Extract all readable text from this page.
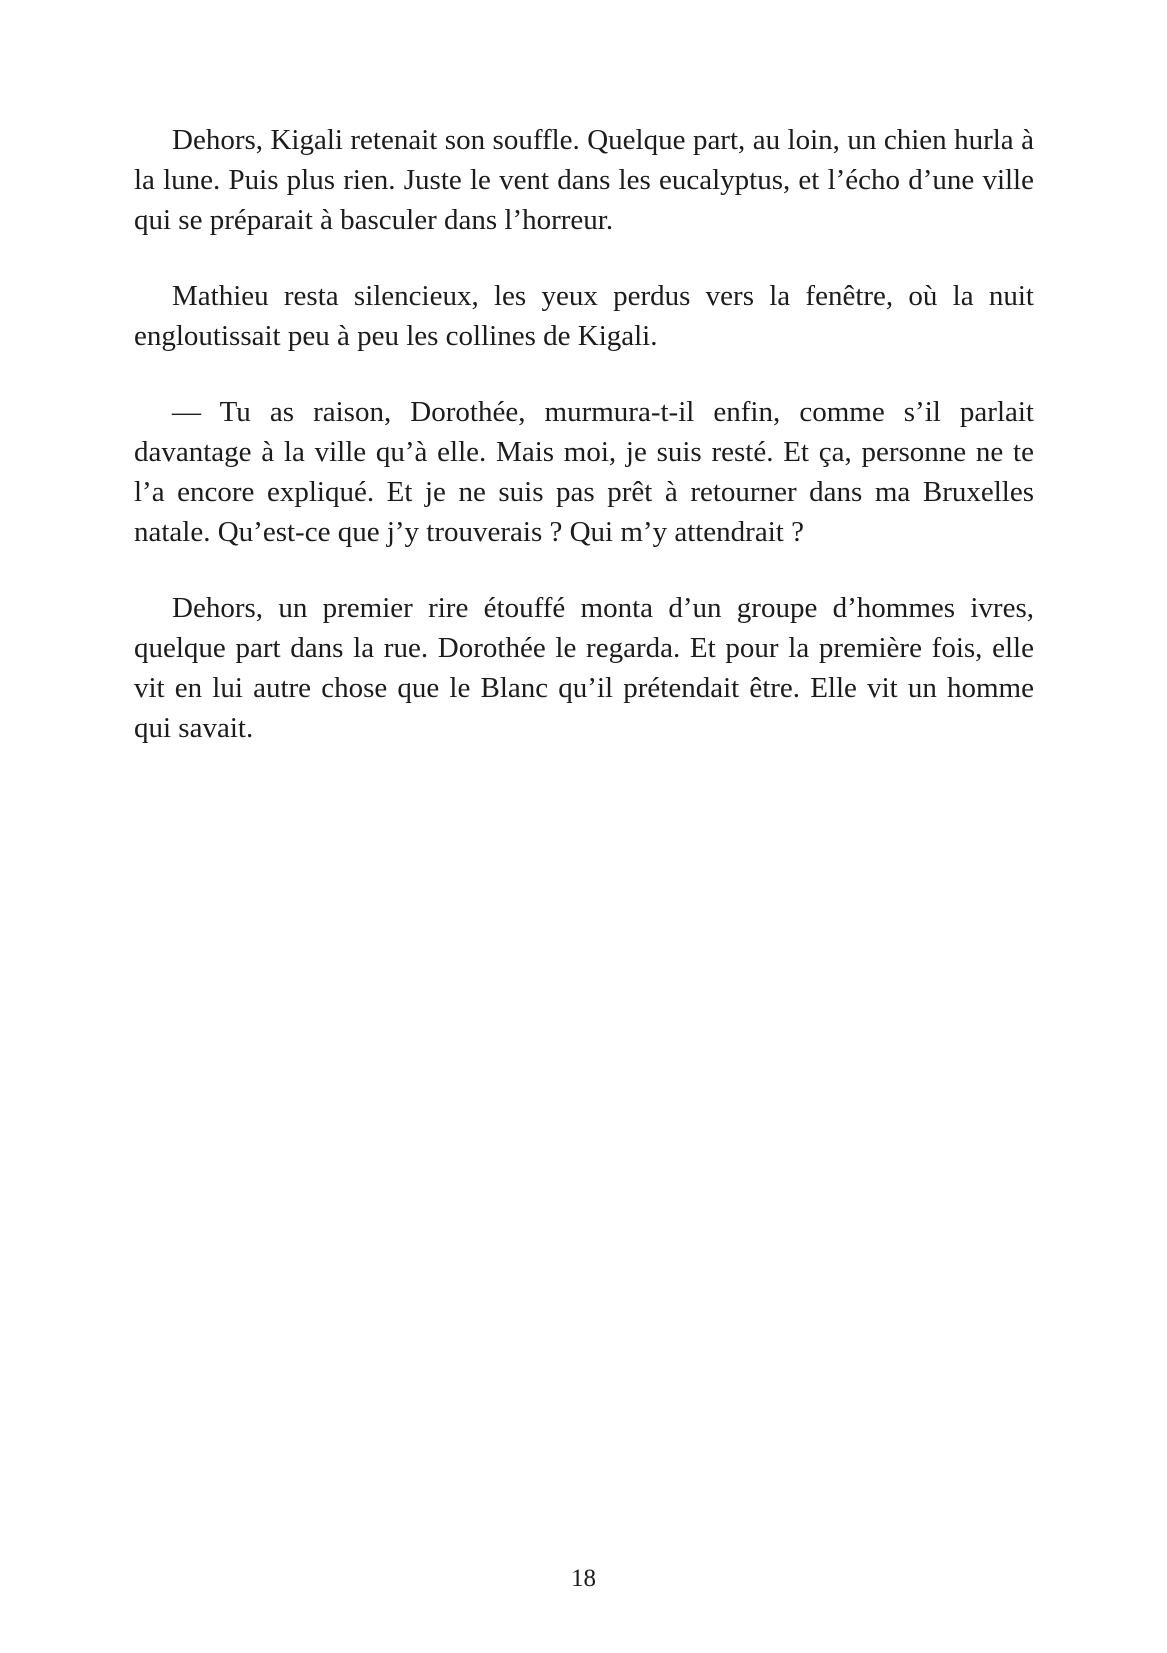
Dehors, Kigali retenait son souffle. Quelque part, au loin, un chien hurla à la lune. Puis plus rien. Juste le vent dans les eucalyptus, et l’écho d’une ville qui se préparait à basculer dans l’horreur.

Mathieu resta silencieux, les yeux perdus vers la fenêtre, où la nuit engloutissait peu à peu les collines de Kigali.

— Tu as raison, Dorothée, murmura-t-il enfin, comme s’il parlait davantage à la ville qu’à elle. Mais moi, je suis resté. Et ça, personne ne te l’a encore expliqué. Et je ne suis pas prêt à retourner dans ma Bruxelles natale. Qu’est-ce que j’y trouverais ? Qui m’y attendrait ?

Dehors, un premier rire étouffé monta d’un groupe d’hommes ivres, quelque part dans la rue. Dorothée le regarda. Et pour la première fois, elle vit en lui autre chose que le Blanc qu’il prétendait être. Elle vit un homme qui savait.

18
